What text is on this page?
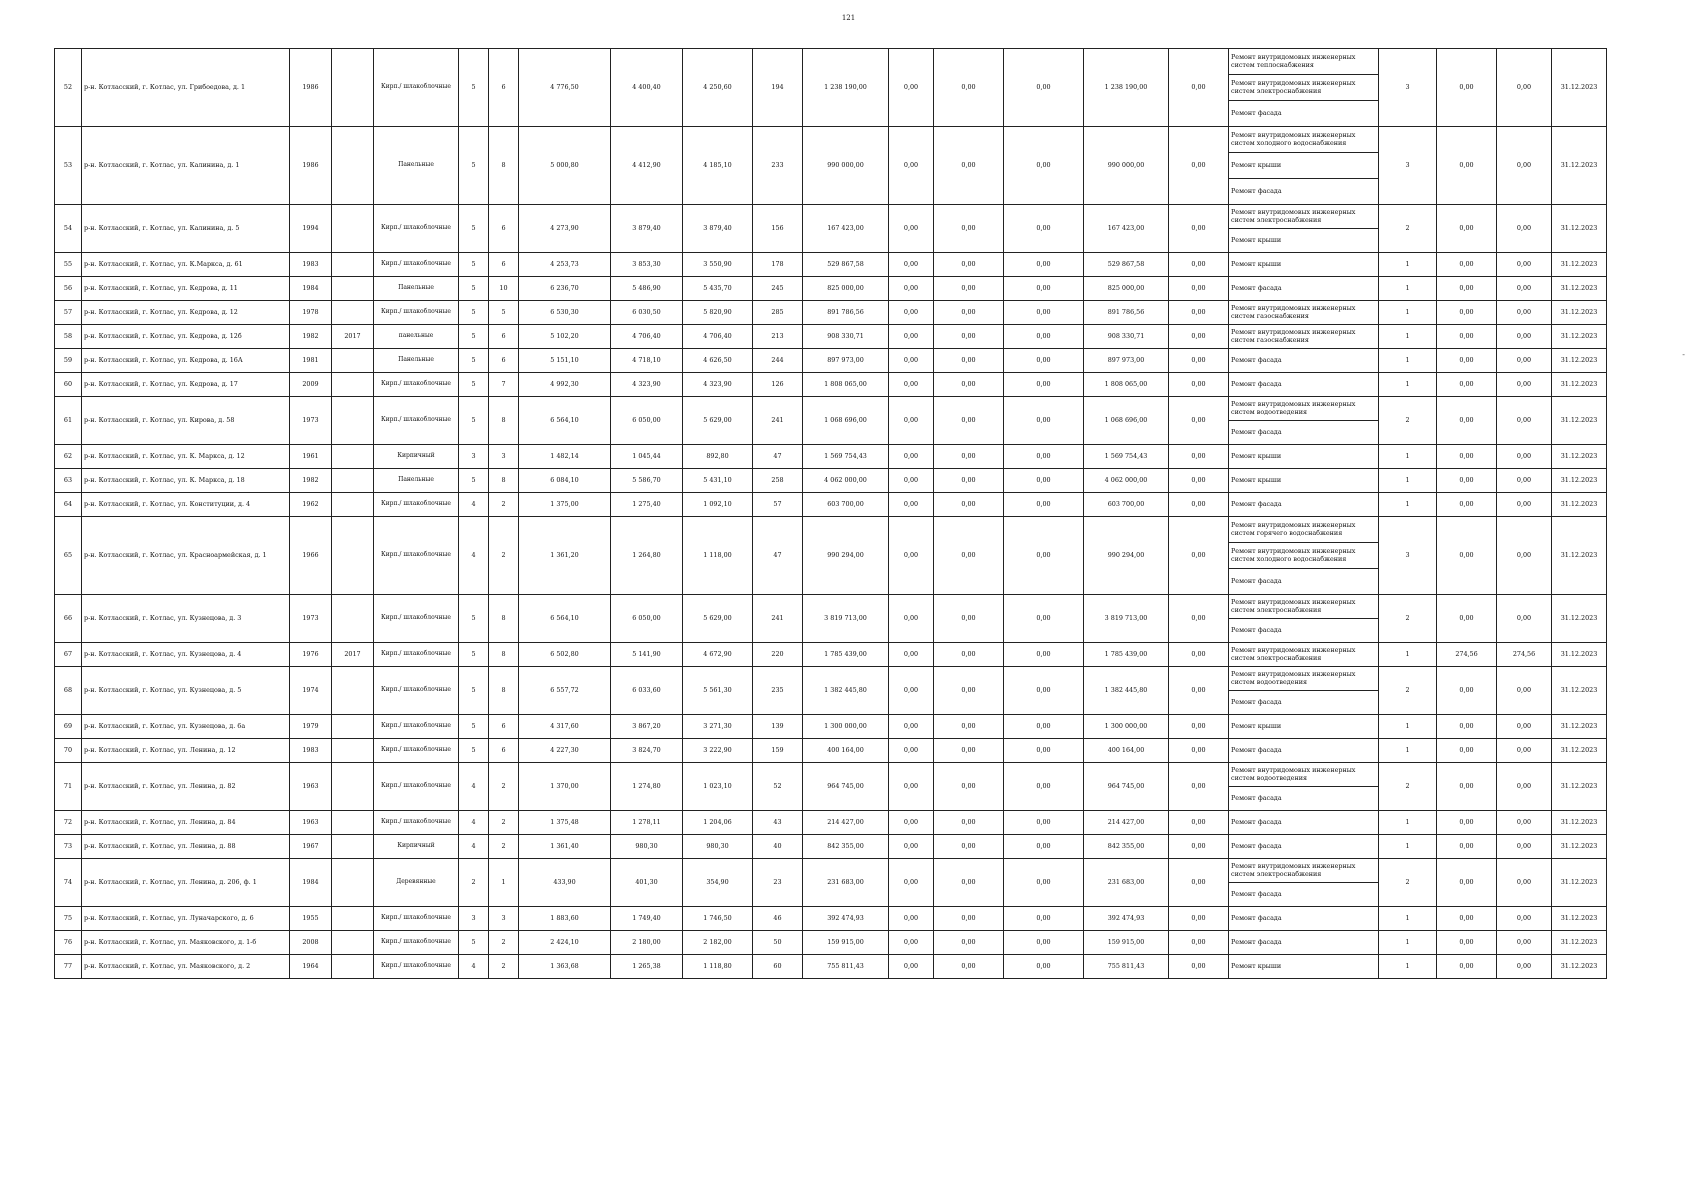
121
52	р-н. Котласский, г. Котлас, ул. Грибоедова, д. 1	1986		Кирп./ шлакоблочные	5	6	4 776,50	4 400,40	4 250,60	194	1 238 190,00	0,00	0,00	0,00	1 238 190,00	0,00	Ремонт внутридомовых инженерных систем теплоснабжения
Ремонт внутридомовых инженерных систем электроснабжения
Ремонт фасада	3	0,00	0,00	31.12.2023
53	р-н. Котласский, г. Котлас, ул. Калинина, д. 1	1986		Панельные	5	8	5 000,80	4 412,90	4 185,10	233	990 000,00	0,00	0,00	0,00	990 000,00	0,00	Ремонт внутридомовых инженерных систем холодного водоснабжения
Ремонт крыши
Ремонт фасада	3	0,00	0,00	31.12.2023
54	р-н. Котласский, г. Котлас, ул. Калинина, д. 5	1994		Кирп./ шлакоблочные	5	6	4 273,90	3 879,40	3 879,40	156	167 423,00	0,00	0,00	0,00	167 423,00	0,00	Ремонт внутридомовых инженерных систем электроснабжения
Ремонт крыши	2	0,00	0,00	31.12.2023
55	р-н. Котласский, г. Котлас, ул. К.Маркса, д. 61	1983		Кирп./ шлакоблочные	5	6	4 253,73	3 853,30	3 550,90	178	529 867,58	0,00	0,00	0,00	529 867,58	0,00	Ремонт крыши	1	0,00	0,00	31.12.2023
56	р-н. Котласский, г. Котлас, ул. Кедрова, д. 11	1984		Панельные	5	10	6 236,70	5 486,90	5 435,70	245	825 000,00	0,00	0,00	0,00	825 000,00	0,00	Ремонт фасада	1	0,00	0,00	31.12.2023
57	р-н. Котласский, г. Котлас, ул. Кедрова, д. 12	1978		Кирп./ шлакоблочные	5	5	6 530,30	6 030,50	5 820,90	285	891 786,56	0,00	0,00	0,00	891 786,56	0,00	Ремонт внутридомовых инженерных систем газоснабжения	1	0,00	0,00	31.12.2023
58	р-н. Котласский, г. Котлас, ул. Кедрова, д. 12б	1982	2017	панельные	5	6	5 102,20	4 706,40	4 706,40	213	908 330,71	0,00	0,00	0,00	908 330,71	0,00	Ремонт внутридомовых инженерных систем газоснабжения	1	0,00	0,00	31.12.2023
59	р-н. Котласский, г. Котлас, ул. Кедрова, д. 16А	1981		Панельные	5	6	5 151,10	4 718,10	4 626,50	244	897 973,00	0,00	0,00	0,00	897 973,00	0,00	Ремонт фасада	1	0,00	0,00	31.12.2023
60	р-н. Котласский, г. Котлас, ул. Кедрова, д. 17	2009		Кирп./ шлакоблочные	5	7	4 992,30	4 323,90	4 323,90	126	1 808 065,00	0,00	0,00	0,00	1 808 065,00	0,00	Ремонт фасада	1	0,00	0,00	31.12.2023
61	р-н. Котласский, г. Котлас, ул. Кирова, д. 58	1973		Кирп./ шлакоблочные	5	8	6 564,10	6 050,00	5 629,00	241	1 068 696,00	0,00	0,00	0,00	1 068 696,00	0,00	Ремонт внутридомовых инженерных систем водоотведения
Ремонт фасада	2	0,00	0,00	31.12.2023
62	р-н. Котласский, г. Котлас, ул. К. Маркса, д. 12	1961		Кирпичный	3	3	1 482,14	1 045,44	892,80	47	1 569 754,43	0,00	0,00	0,00	1 569 754,43	0,00	Ремонт крыши	1	0,00	0,00	31.12.2023
63	р-н. Котласский, г. Котлас, ул. К. Маркса, д. 18	1982		Панельные	5	8	6 084,10	5 586,70	5 431,10	258	4 062 000,00	0,00	0,00	0,00	4 062 000,00	0,00	Ремонт крыши	1	0,00	0,00	31.12.2023
64	р-н. Котласский, г. Котлас, ул. Конституции, д. 4	1962		Кирп./ шлакоблочные	4	2	1 375,00	1 275,40	1 092,10	57	603 700,00	0,00	0,00	0,00	603 700,00	0,00	Ремонт фасада	1	0,00	0,00	31.12.2023
65	р-н. Котласский, г. Котлас, ул. Красноармейская, д. 1	1966		Кирп./ шлакоблочные	4	2	1 361,20	1 264,80	1 118,00	47	990 294,00	0,00	0,00	0,00	990 294,00	0,00	Ремонт внутридомовых инженерных систем горячего водоснабжения
Ремонт внутридомовых инженерных систем холодного водоснабжения
Ремонт фасада	3	0,00	0,00	31.12.2023
66	р-н. Котласский, г. Котлас, ул. Кузнецова, д. 3	1973		Кирп./ шлакоблочные	5	8	6 564,10	6 050,00	5 629,00	241	3 819 713,00	0,00	0,00	0,00	3 819 713,00	0,00	Ремонт внутридомовых инженерных систем электроснабжения
Ремонт фасада	2	0,00	0,00	31.12.2023
67	р-н. Котласский, г. Котлас, ул. Кузнецова, д. 4	1976	2017	Кирп./ шлакоблочные	5	8	6 502,80	5 141,90	4 672,90	220	1 785 439,00	0,00	0,00	0,00	1 785 439,00	0,00	Ремонт внутридомовых инженерных систем электроснабжения	1	274,56	274,56	31.12.2023
68	р-н. Котласский, г. Котлас, ул. Кузнецова, д. 5	1974		Кирп./ шлакоблочные	5	8	6 557,72	6 033,60	5 561,30	235	1 382 445,80	0,00	0,00	0,00	1 382 445,80	0,00	Ремонт внутридомовых инженерных систем водоотведения
Ремонт фасада	2	0,00	0,00	31.12.2023
69	р-н. Котласский, г. Котлас, ул. Кузнецова, д. 6а	1979		Кирп./ шлакоблочные	5	6	4 317,60	3 867,20	3 271,30	139	1 300 000,00	0,00	0,00	0,00	1 300 000,00	0,00	Ремонт крыши	1	0,00	0,00	31.12.2023
70	р-н. Котласский, г. Котлас, ул. Ленина, д. 12	1983		Кирп./ шлакоблочные	5	6	4 227,30	3 824,70	3 222,90	159	400 164,00	0,00	0,00	0,00	400 164,00	0,00	Ремонт фасада	1	0,00	0,00	31.12.2023
71	р-н. Котласский, г. Котлас, ул. Ленина, д. 82	1963		Кирп./ шлакоблочные	4	2	1 370,00	1 274,80	1 023,10	52	964 745,00	0,00	0,00	0,00	964 745,00	0,00	Ремонт внутридомовых инженерных систем водоотведения
Ремонт фасада	2	0,00	0,00	31.12.2023
72	р-н. Котласский, г. Котлас, ул. Ленина, д. 84	1963		Кирп./ шлакоблочные	4	2	1 375,48	1 278,11	1 204,06	43	214 427,00	0,00	0,00	0,00	214 427,00	0,00	Ремонт фасада	1	0,00	0,00	31.12.2023
73	р-н. Котласский, г. Котлас, ул. Ленина, д. 88	1967		Кирпичный	4	2	1 361,40	980,30	980,30	40	842 355,00	0,00	0,00	0,00	842 355,00	0,00	Ремонт фасада	1	0,00	0,00	31.12.2023
74	р-н. Котласский, г. Котлас, ул. Ленина, д. 206, ф. 1	1984		Деревянные	2	1	433,90	401,30	354,90	23	231 683,00	0,00	0,00	0,00	231 683,00	0,00	Ремонт внутридомовых инженерных систем электроснабжения
Ремонт фасада	2	0,00	0,00	31.12.2023
75	р-н. Котласский, г. Котлас, ул. Луначарского, д. 6	1955		Кирп./ шлакоблочные	3	3	1 883,60	1 749,40	1 746,50	46	392 474,93	0,00	0,00	0,00	392 474,93	0,00	Ремонт фасада	1	0,00	0,00	31.12.2023
76	р-н. Котласский, г. Котлас, ул. Маяковского, д. 1-б	2008		Кирп./ шлакоблочные	5	2	2 424,10	2 180,00	2 182,00	50	159 915,00	0,00	0,00	0,00	159 915,00	0,00	Ремонт фасада	1	0,00	0,00	31.12.2023
77	р-н. Котласский, г. Котлас, ул. Маяковского, д. 2	1964		Кирп./ шлакоблочные	4	2	1 363,68	1 265,38	1 118,80	60	755 811,43	0,00	0,00	0,00	755 811,43	0,00	Ремонт крыши	1	0,00	0,00	31.12.2023
-
